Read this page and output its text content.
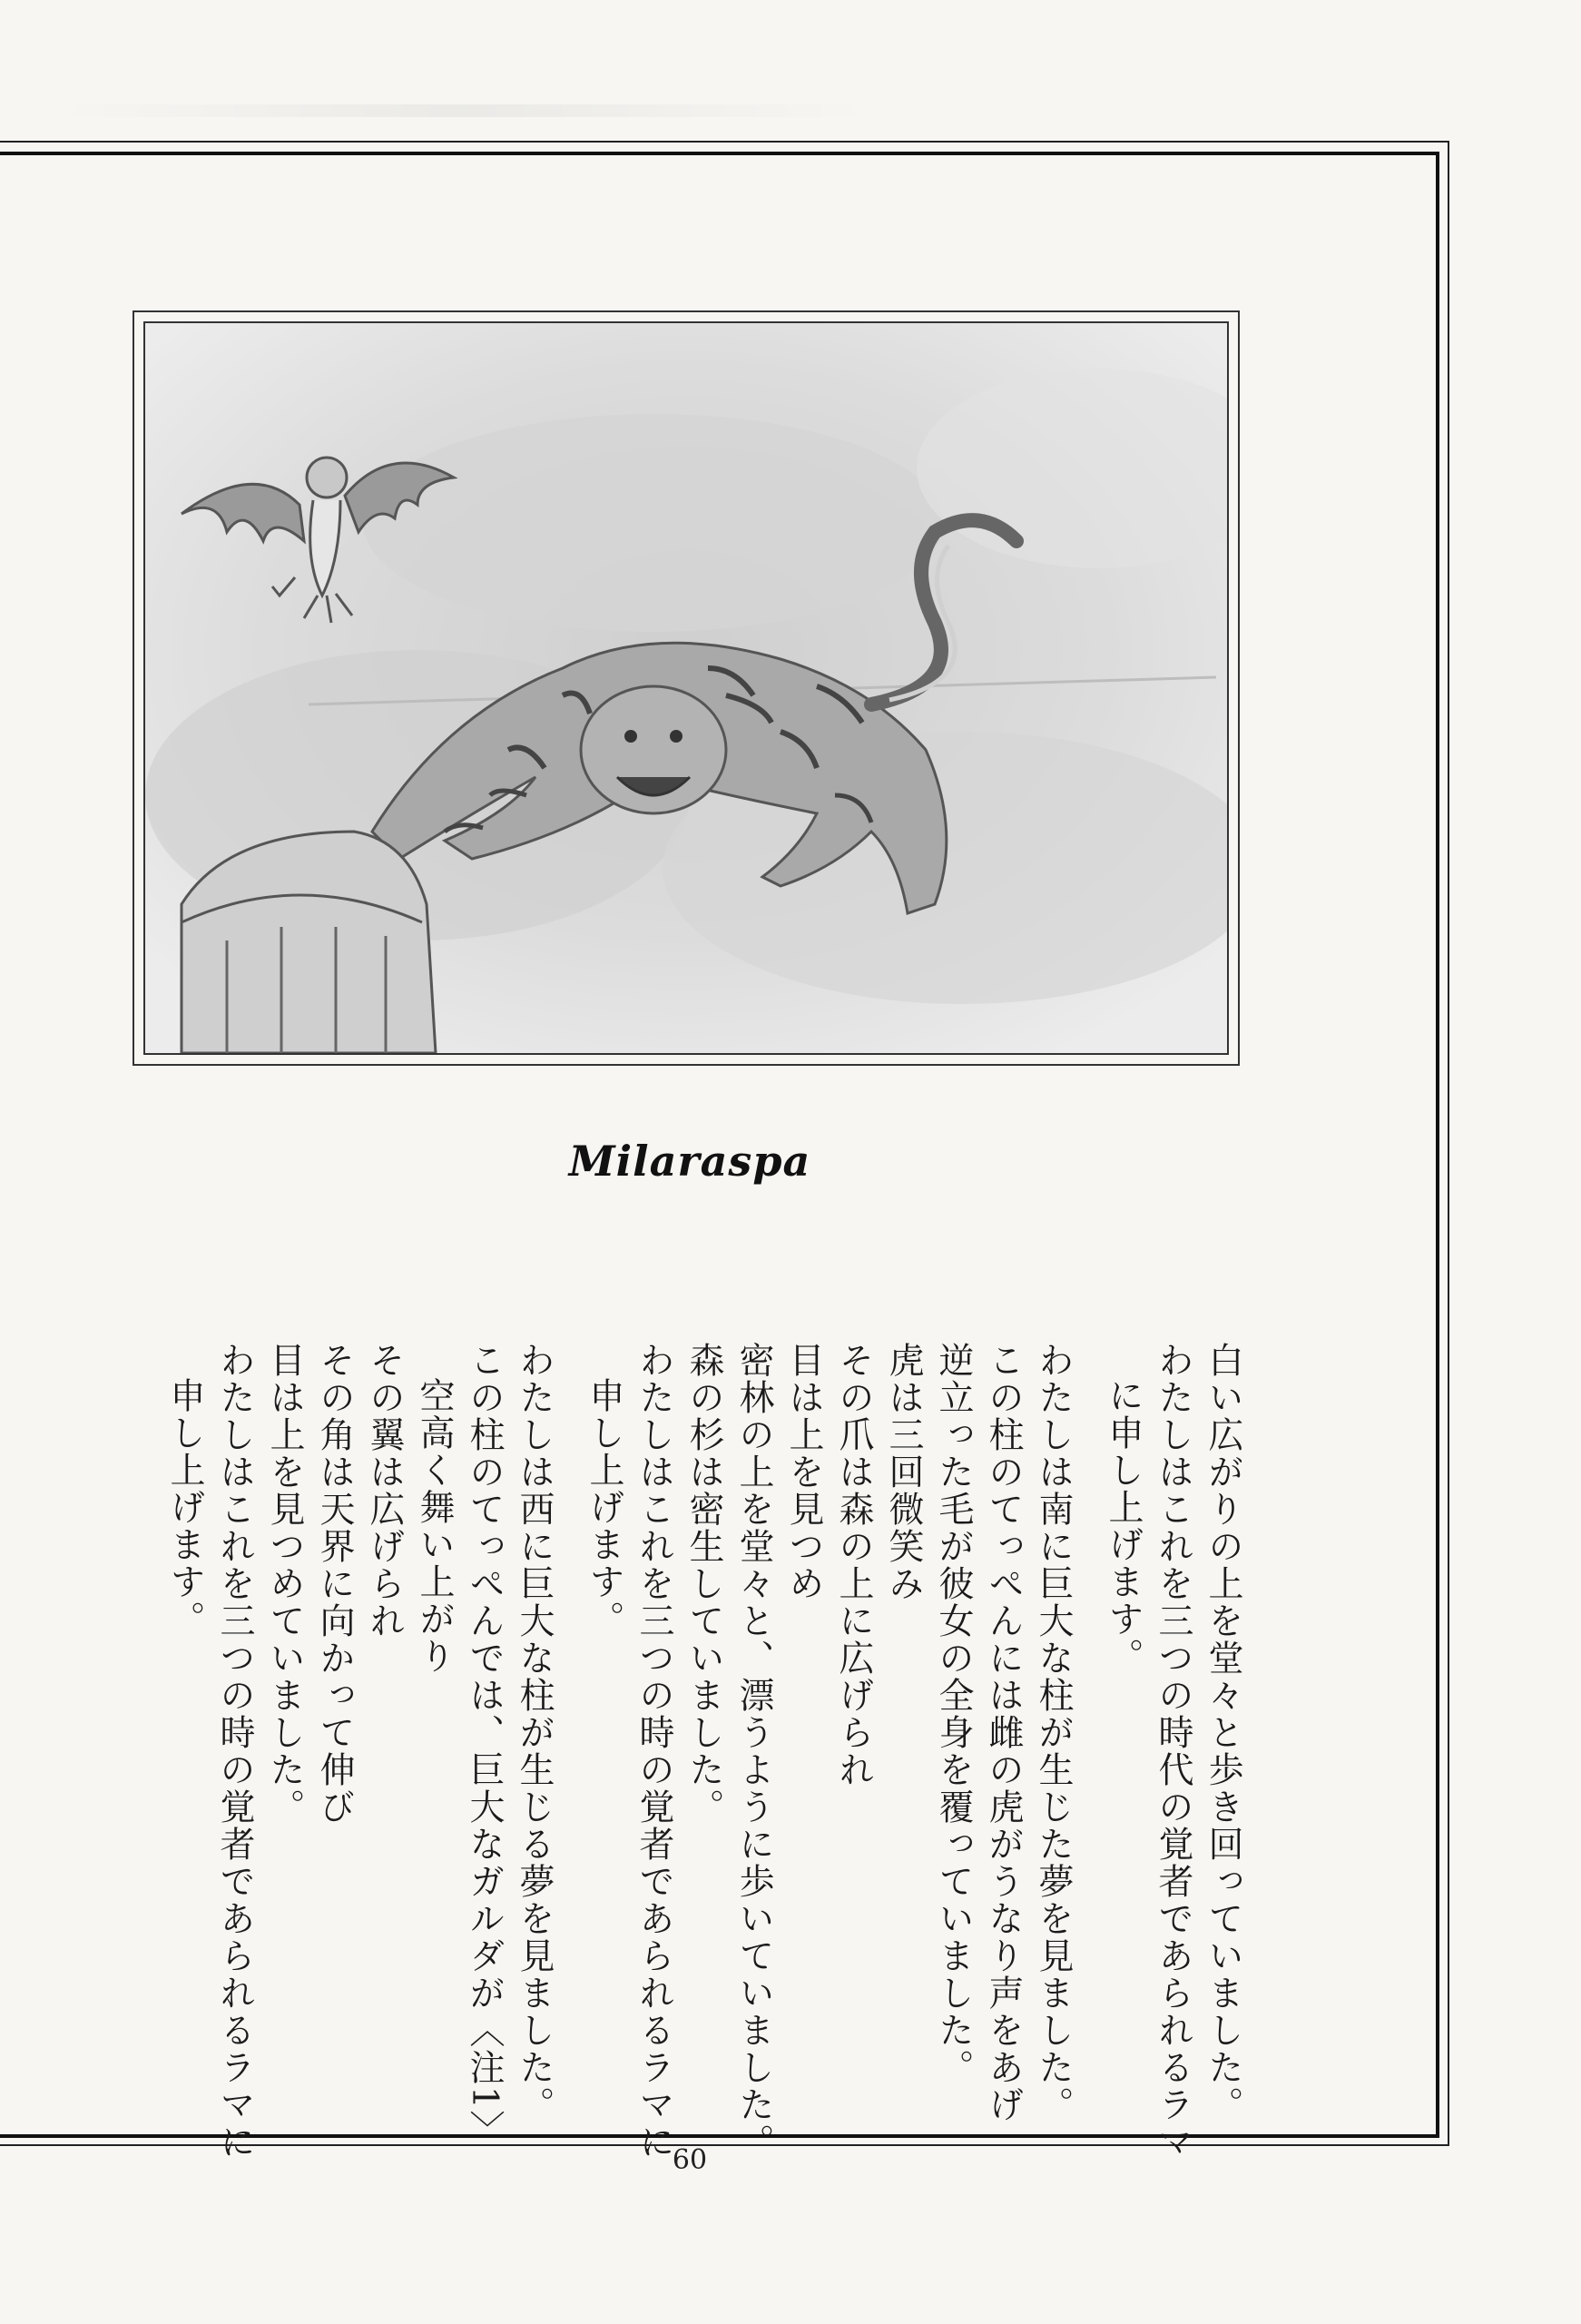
Milaraspa
白い広がりの上を堂々と歩き回っていました。
わたしはこれを三つの時代の覚者であられるラマ
に申し上げます。
わたしは南に巨大な柱が生じた夢を見ました。
この柱のてっぺんには雌の虎がうなり声をあげ
逆立った毛が彼女の全身を覆っていました。
虎は三回微笑み
その爪は森の上に広げられ
目は上を見つめ
密林の上を堂々と、漂うように歩いていました。
森の杉は密生していました。
わたしはこれを三つの時の覚者であられるラマに
申し上げます。
わたしは西に巨大な柱が生じる夢を見ました。
この柱のてっぺんでは、巨大なガルダが〈注1〉
空高く舞い上がり
その翼は広げられ
その角は天界に向かって伸び
目は上を見つめていました。
わたしはこれを三つの時の覚者であられるラマに
申し上げます。
60
